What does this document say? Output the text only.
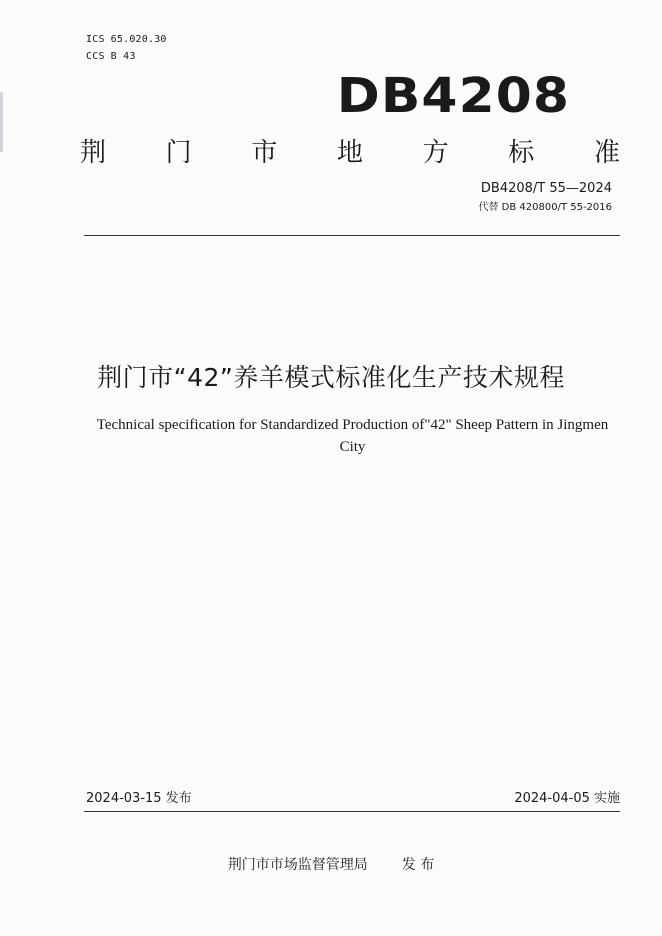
ICS 65.020.30
CCS B 43
DB4208
荆 门 市 地 方 标 准
DB4208/T 55—2024
代替 DB 420800/T 55-2016
荆门市“42”养羊模式标准化生产技术规程
Technical specification for Standardized Production of"42" Sheep Pattern in Jingmen
City
2024-03-15 发布	2024-04-05 实施
荆门市市场监督管理局 发 布
